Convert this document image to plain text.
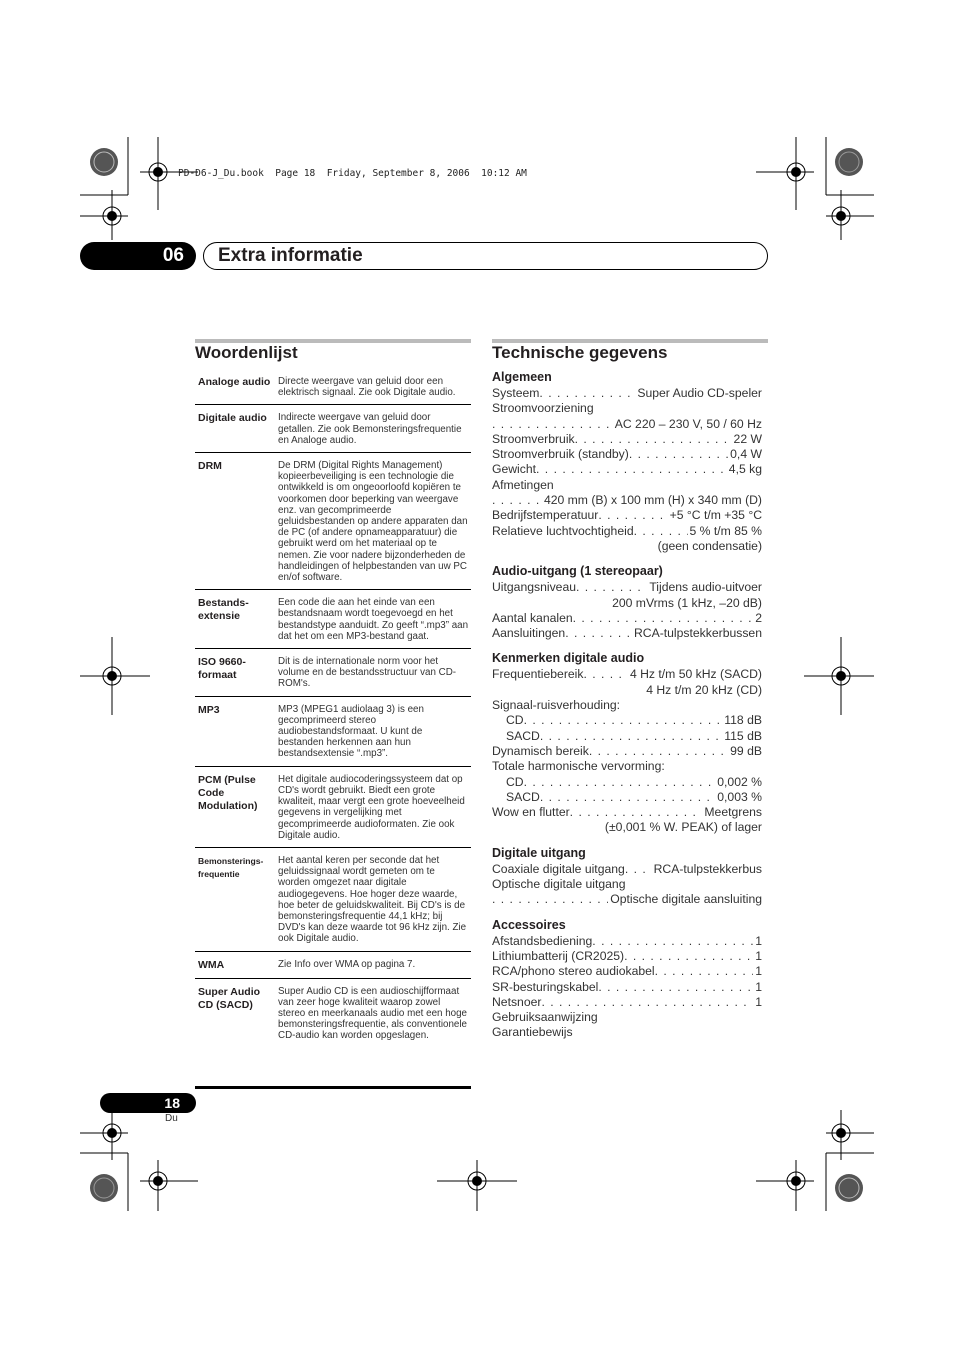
PD-D6-J_Du.book  Page 18  Friday, September 8, 2006  10:12 AM
06	Extra informatie
Woordenlijst
Analoge audio	Directe weergave van geluid door een elektrisch signaal. Zie ook Digitale audio.
Digitale audio	Indirecte weergave van geluid door getallen. Zie ook Bemonsteringsfrequentie en Analoge audio.
DRM	De DRM (Digital Rights Management) kopieerbeveiliging is een technologie die ontwikkeld is om ongeoorloofd kopiëren te voorkomen door beperking van weergave enz. van gecomprimeerde geluidsbestanden op andere apparaten dan de PC (of andere opnameapparatuur) die gebruikt werd om het materiaal op te nemen. Zie voor nadere bijzonderheden de handleidingen of helpbestanden van uw PC en/of software.
Bestands-extensie	Een code die aan het einde van een bestandsnaam wordt toegevoegd en het bestandstype aanduidt. Zo geeft “.mp3” aan dat het om een MP3-bestand gaat.
ISO 9660-formaat	Dit is de internationale norm voor het volume en de bestandsstructuur van CD-ROM's.
MP3	MP3 (MPEG1 audiolaag 3) is een gecomprimeerd stereo audiobestandsformaat. U kunt de bestanden herkennen aan hun bestandsextensie “.mp3”.
PCM (Pulse Code Modulation)	Het digitale audiocoderingssysteem dat op CD's wordt gebruikt. Biedt een grote kwaliteit, maar vergt een grote hoeveelheid gegevens in vergelijking met gecomprimeerde audioformaten. Zie ook Digitale audio.
Bemonsterings-frequentie	Het aantal keren per seconde dat het geluidssignaal wordt gemeten om te worden omgezet naar digitale audiogegevens. Hoe hoger deze waarde, hoe beter de geluidskwaliteit. Bij CD's is de bemonsteringsfrequentie 44,1 kHz; bij DVD's kan deze waarde tot 96 kHz zijn. Zie ook Digitale audio.
WMA	Zie Info over WMA op pagina 7.
Super Audio CD (SACD)	Super Audio CD is een audioschijfformaat van zeer hoge kwaliteit waarop zowel stereo en meerkanaals audio met een hoge bemonsteringsfrequentie, als conventionele CD-audio kan worden opgeslagen.
Technische gegevens
Algemeen
Systeem . . .	Super Audio CD-speler
Stroomvoorziening
. . .
AC 220 – 230 V, 50 / 60 Hz
Stroomverbruik . . .	22 W
Stroomverbruik (standby) . . .	0,4 W
Gewicht . . .	4,5 kg
Afmetingen
. . .
420 mm (B) x 100 mm (H) x 340 mm (D)
Bedrijfstemperatuur . . .	+5 °C t/m +35 °C
Relatieve luchtvochtigheid . . .	5 % t/m 85 %
(geen condensatie)
Audio-uitgang (1 stereopaar)
Uitgangsniveau . . .	Tijdens audio-uitvoer
200 mVrms (1 kHz, –20 dB)
Aantal kanalen . . .	2
Aansluitingen . . .	RCA-tulpstekkerbussen
Kenmerken digitale audio
Frequentiebereik . . .	4 Hz t/m 50 kHz (SACD)
4 Hz t/m 20 kHz (CD)
Signaal-ruisverhouding:
CD . . .	118 dB
SACD . . .	115 dB
Dynamisch bereik . . .	99 dB
Totale harmonische vervorming:
CD . . .	0,002 %
SACD . . .	0,003 %
Wow en flutter . . .	Meetgrens
(±0,001 % W. PEAK) of lager
Digitale uitgang
Coaxiale digitale uitgang . . . RCA-tulpstekkerbus
Optische digitale uitgang
. . .
Optische digitale aansluiting
Accessoires
Afstandsbediening . . .	1
Lithiumbatterij (CR2025) . . .	1
RCA/phono stereo audiokabel . . .	1
SR-besturingskabel . . .	1
Netsnoer . . .	1
Gebruiksaanwijzing
Garantiebewijs
18
Du
